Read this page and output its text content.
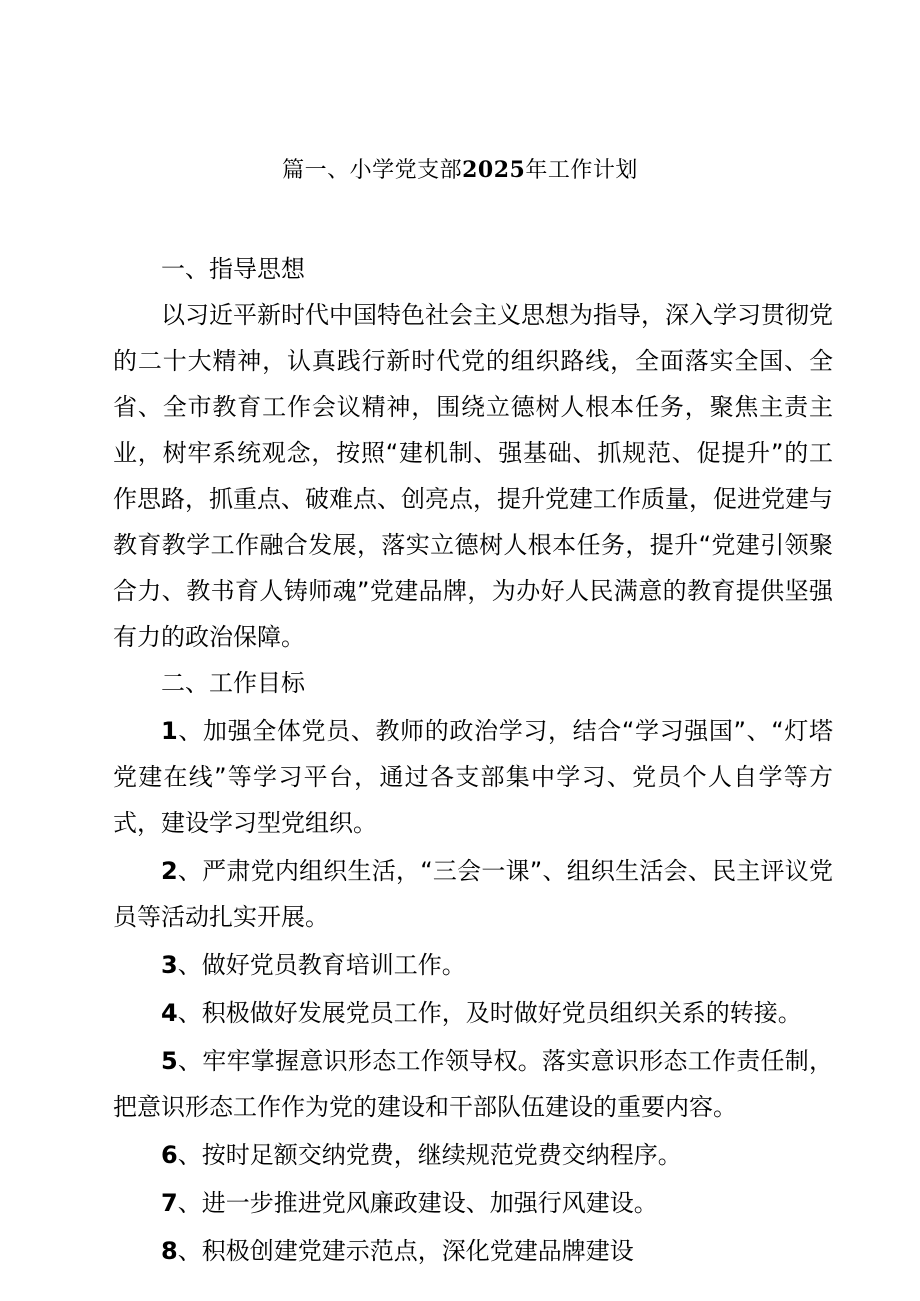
篇一、小学党支部2025年工作计划

一、指导思想

以习近平新时代中国特色社会主义思想为指导，深入学习贯彻党的二十大精神，认真践行新时代党的组织路线，全面落实全国、全省、全市教育工作会议精神，围绕立德树人根本任务，聚焦主责主业，树牢系统观念，按照“建机制、强基础、抓规范、促提升”的工作思路，抓重点、破难点、创亮点，提升党建工作质量，促进党建与教育教学工作融合发展，落实立德树人根本任务，提升“党建引领聚合力、教书育人铸师魂”党建品牌，为办好人民满意的教育提供坚强有力的政治保障。

二、工作目标

1、加强全体党员、教师的政治学习，结合“学习强国”、“灯塔党建在线”等学习平台，通过各支部集中学习、党员个人自学等方式，建设学习型党组织。

2、严肃党内组织生活，“三会一课”、组织生活会、民主评议党员等活动扎实开展。

3、做好党员教育培训工作。

4、积极做好发展党员工作，及时做好党员组织关系的转接。

5、牢牢掌握意识形态工作领导权。落实意识形态工作责任制，把意识形态工作作为党的建设和干部队伍建设的重要内容。

6、按时足额交纳党费，继续规范党费交纳程序。

7、进一步推进党风廉政建设、加强行风建设。

8、积极创建党建示范点，深化党建品牌建设
